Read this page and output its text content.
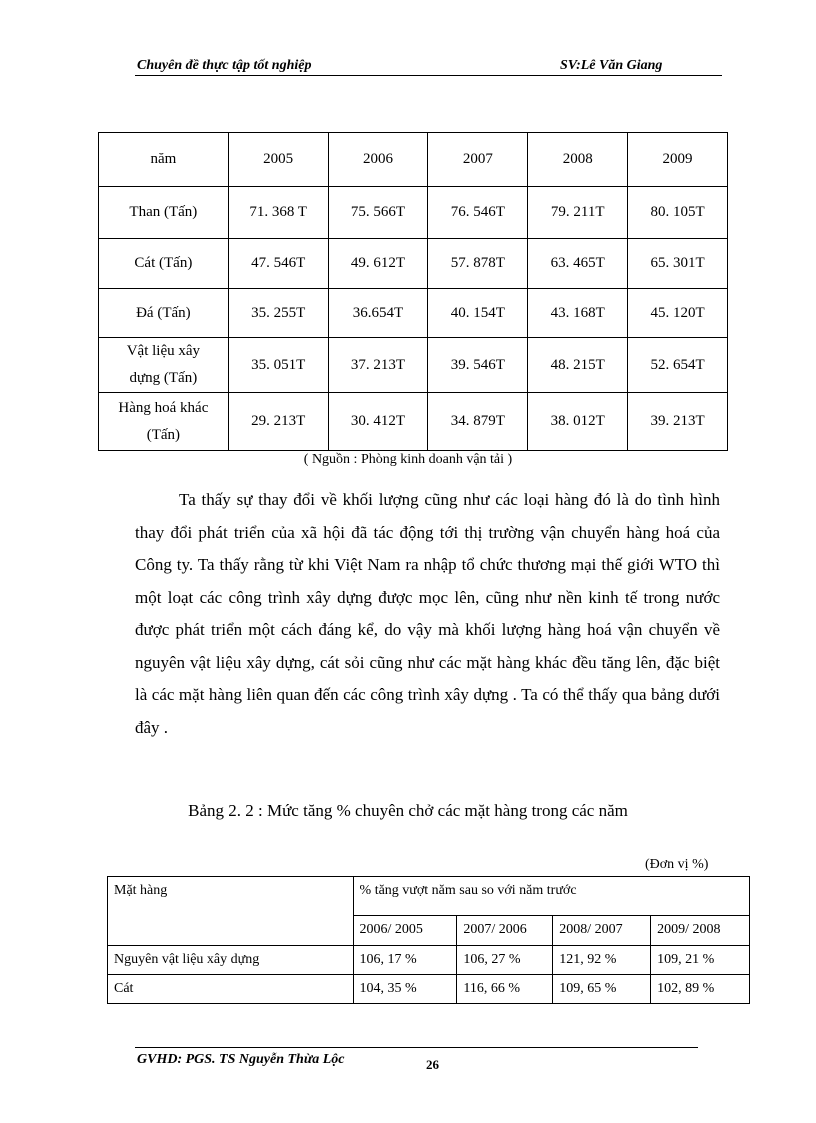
Chuyên đề thực tập tốt nghiệp	SV:Lê Văn Giang
năm	2005	2006	2007	2008	2009
Than (Tấn)	71. 368 T	75. 566T	76. 546T	79. 211T	80. 105T
Cát (Tấn)	47. 546T	49. 612T	57. 878T	63. 465T	65. 301T
Đá (Tấn)	35. 255T	36.654T	40. 154T	43. 168T	45. 120T

Vật liệu xây
dựng (Tấn)	35. 051T	37. 213T	39. 546T	48. 215T	52. 654T

Hàng hoá khác
(Tấn)	29. 213T	30. 412T	34. 879T	38. 012T	39. 213T
( Nguồn : Phòng kinh doanh vận tải )
Ta thấy sự thay đổi về khối lượng cũng như các loại hàng đó là do tình hình thay đổi phát triển của xã hội đã tác động tới thị trường vận chuyển hàng hoá của Công ty. Ta thấy rằng từ khi Việt Nam ra nhập tổ chức thương mại thế giới WTO thì một loạt các công trình xây dựng được mọc lên, cũng như nền kinh tế trong nước được phát triển một cách đáng kể, do vậy mà khối lượng hàng hoá vận chuyển về nguyên vật liệu xây dựng, cát sỏi cũng như các mặt hàng khác đều tăng lên, đặc biệt là các mặt hàng liên quan đến các công trình xây dựng . Ta có thể thấy qua bảng dưới đây .
Bảng 2. 2 : Mức tăng % chuyên chở các mặt hàng trong các năm
(Đơn vị %)
Mặt hàng	% tăng vượt năm sau so với năm trước			
	2006/ 2005	2007/ 2006	2008/ 2007	2009/ 2008
Nguyên vật liệu xây dựng	106, 17 %	106, 27 %	121, 92 %	109, 21 %
Cát	104, 35 %	116, 66 %	109, 65 %	102, 89 %
GVHD: PGS. TS Nguyễn Thừa Lộc	26
